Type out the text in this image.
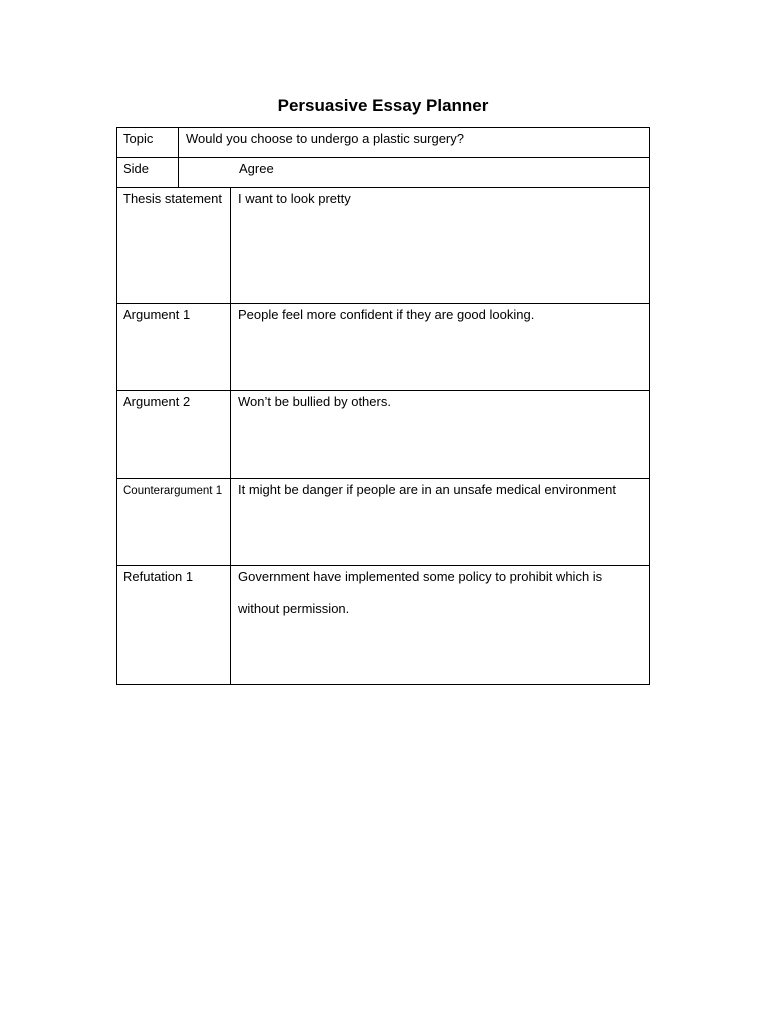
Persuasive Essay Planner
Topic	Would you choose to undergo a plastic surgery?
Side	Agree
Thesis statement	I want to look pretty
Argument 1	People feel more confident if they are good looking.
Argument 2	Won’t be bullied by others.
Counterargument 1	It might be danger if people are in an unsafe medical environment
Refutation 1	Government have implemented some policy to prohibit which is
without permission.
